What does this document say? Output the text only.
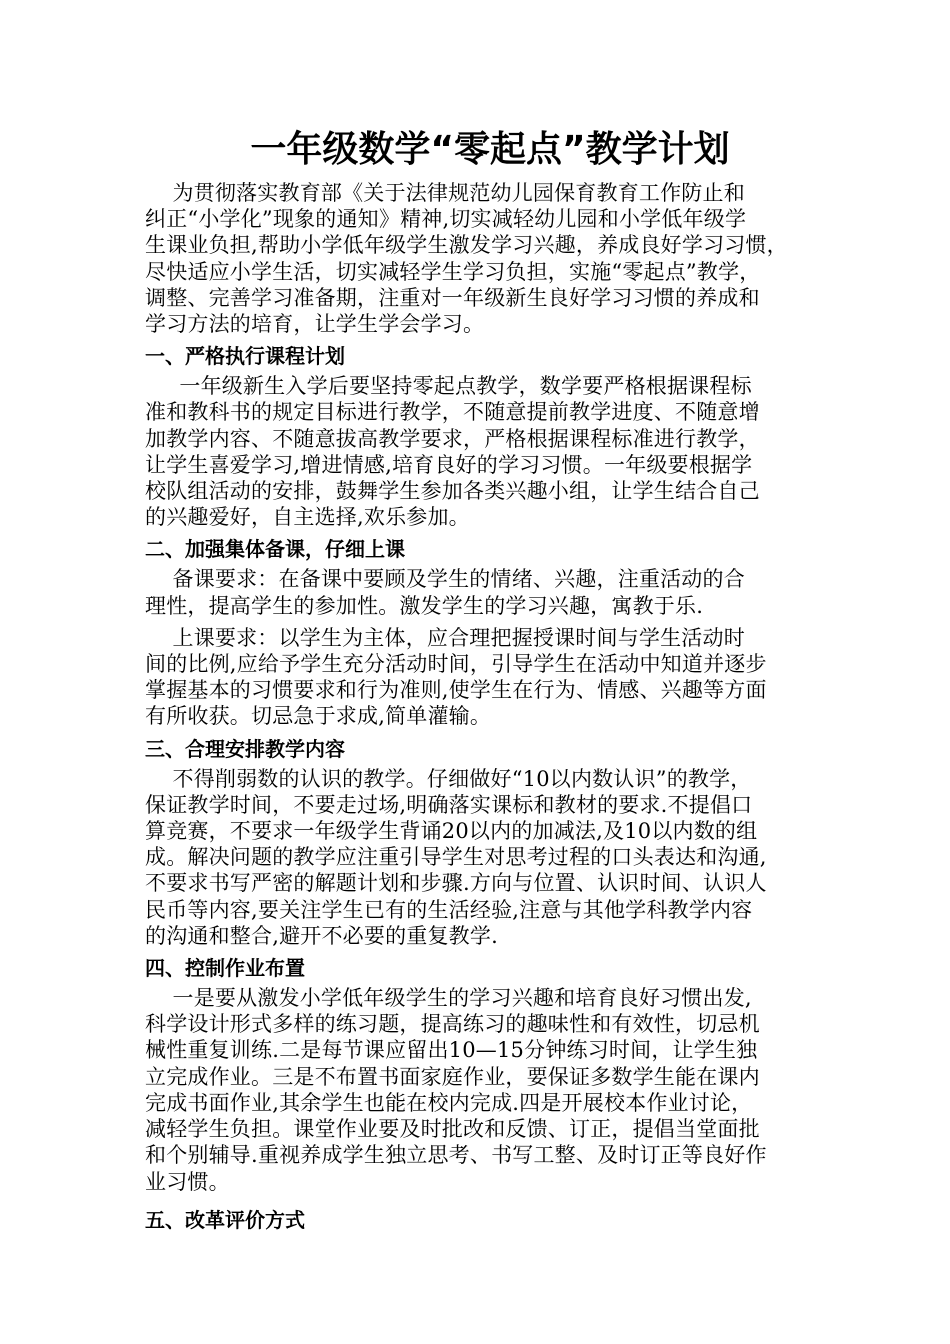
一年级数学“零起点”教学计划

为贯彻落实教育部《关于法律规范幼儿园保育教育工作防止和
纠正“小学化”现象的通知》精神,切实减轻幼儿园和小学低年级学
生课业负担,帮助小学低年级学生激发学习兴趣，养成良好学习习惯，
尽快适应小学生活，切实减轻学生学习负担，实施“零起点”教学，
调整、完善学习准备期，注重对一年级新生良好学习习惯的养成和
学习方法的培育，让学生学会学习。

一、严格执行课程计划

一年级新生入学后要坚持零起点教学，数学要严格根据课程标
准和教科书的规定目标进行教学，不随意提前教学进度、不随意增
加教学内容、不随意拔高教学要求，严格根据课程标准进行教学，
让学生喜爱学习,增进情感,培育良好的学习习惯。一年级要根据学
校队组活动的安排，鼓舞学生参加各类兴趣小组，让学生结合自己
的兴趣爱好，自主选择,欢乐参加。

二、加强集体备课，仔细上课

备课要求：在备课中要顾及学生的情绪、兴趣，注重活动的合
理性，提高学生的参加性。激发学生的学习兴趣，寓教于乐.

上课要求：以学生为主体，应合理把握授课时间与学生活动时
间的比例,应给予学生充分活动时间，引导学生在活动中知道并逐步
掌握基本的习惯要求和行为准则,使学生在行为、情感、兴趣等方面
有所收获。切忌急于求成,简单灌输。

三、合理安排教学内容

不得削弱数的认识的教学。仔细做好“10以内数认识”的教学，
保证教学时间，不要走过场,明确落实课标和教材的要求.不提倡口
算竞赛，不要求一年级学生背诵20以内的加减法,及10以内数的组
成。解决问题的教学应注重引导学生对思考过程的口头表达和沟通,
不要求书写严密的解题计划和步骤.方向与位置、认识时间、认识人
民币等内容,要关注学生已有的生活经验,注意与其他学科教学内容
的沟通和整合,避开不必要的重复教学.

四、控制作业布置

一是要从激发小学低年级学生的学习兴趣和培育良好习惯出发,
科学设计形式多样的练习题，提高练习的趣味性和有效性，切忌机
械性重复训练.二是每节课应留出10—15分钟练习时间，让学生独
立完成作业。三是不布置书面家庭作业，要保证多数学生能在课内
完成书面作业,其余学生也能在校内完成.四是开展校本作业讨论，
减轻学生负担。课堂作业要及时批改和反馈、订正，提倡当堂面批
和个别辅导.重视养成学生独立思考、书写工整、及时订正等良好作
业习惯。

五、改革评价方式
